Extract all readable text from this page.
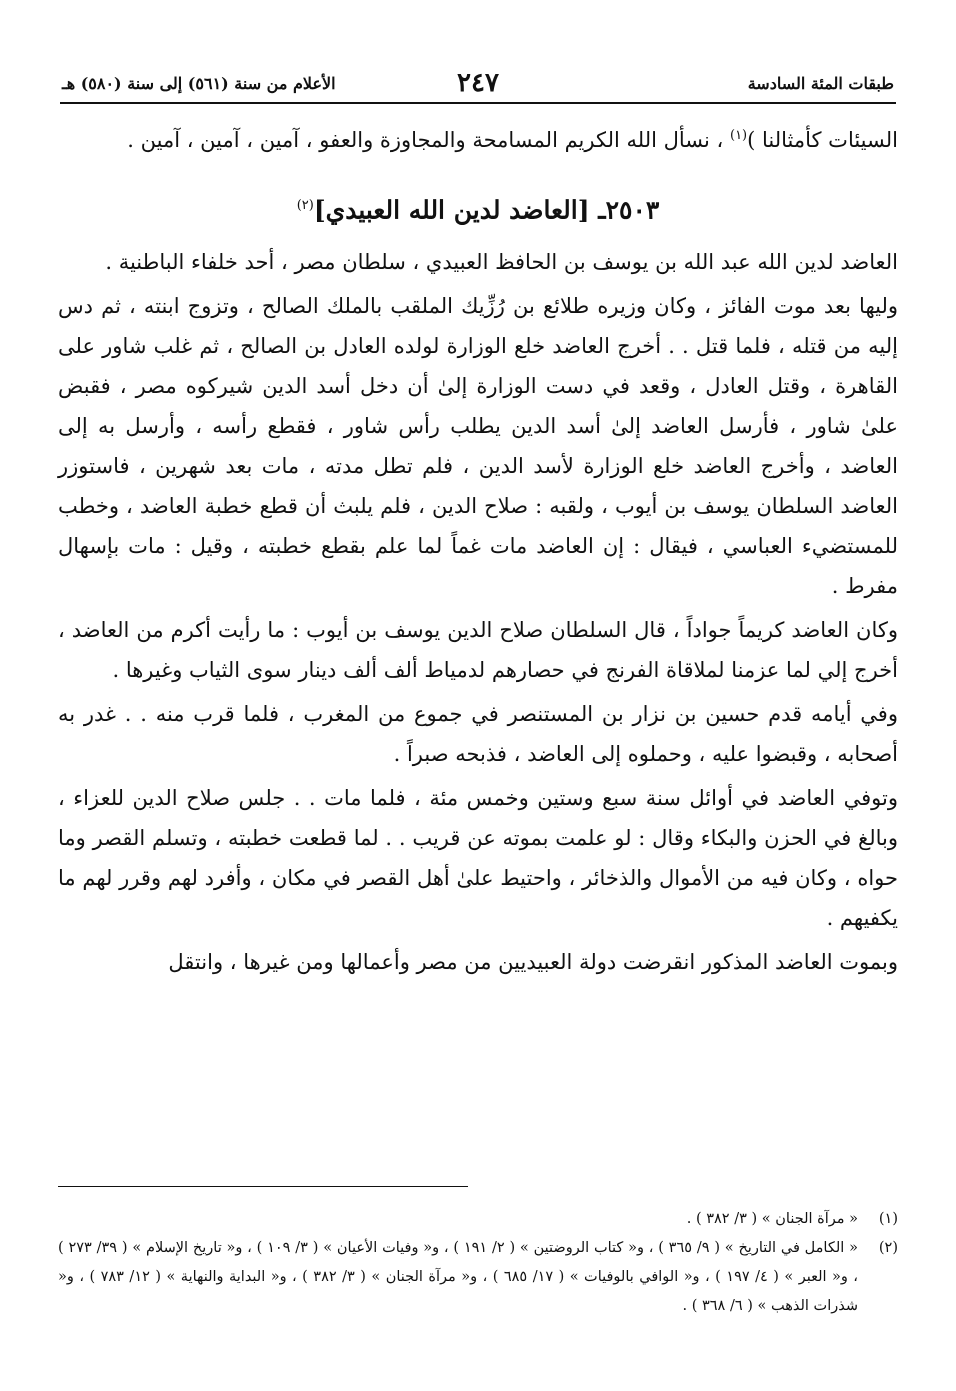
طبقات المئة السادسة
٢٤٧
الأعلام من سنة (٥٦١) إلى سنة (٥٨٠) هـ

السيئات كأمثالنا )$^{(١)}$ ، نسأل الله الكريم المسامحة والمجاوزة والعفو ، آمين ، آمين ، آمين .

٢٥٠٣ـ [العاضد لدين الله العبيدي]$^{(٢)}$

العاضد لدين الله عبد الله بن يوسف بن الحافظ العبيدي ، سلطان مصر ، أحد خلفاء الباطنية .

وليها بعد موت الفائز ، وكان وزيره طلائع بن رُزِّيك الملقب بالملك الصالح ، وتزوج ابنته ، ثم دس إليه من قتله ، فلما قتل . . أخرج العاضد خلع الوزارة لولده العادل بن الصالح ، ثم غلب شاور على القاهرة ، وقتل العادل ، وقعد في دست الوزارة إلىٰ أن دخل أسد الدين شيركوه مصر ، فقبض علىٰ شاور ، فأرسل العاضد إلىٰ أسد الدين يطلب رأس شاور ، فقطع رأسه ، وأرسل به إلى العاضد ، وأخرج العاضد خلع الوزارة لأسد الدين ، فلم تطل مدته ، مات بعد شهرين ، فاستوزر العاضد السلطان يوسف بن أيوب ، ولقبه : صلاح الدين ، فلم يلبث أن قطع خطبة العاضد ، وخطب للمستضيء العباسي ، فيقال : إن العاضد مات غماً لما علم بقطع خطبته ، وقيل : مات بإسهال مفرط .

وكان العاضد كريماً جواداً ، قال السلطان صلاح الدين يوسف بن أيوب : ما رأيت أكرم من العاضد ، أخرج إلي لما عزمنا لملاقاة الفرنج في حصارهم لدمياط ألف ألف دينار سوى الثياب وغيرها .

وفي أيامه قدم حسين بن نزار بن المستنصر في جموع من المغرب ، فلما قرب منه . . غدر به أصحابه ، وقبضوا عليه ، وحملوه إلى العاضد ، فذبحه صبراً .

وتوفي العاضد في أوائل سنة سبع وستين وخمس مئة ، فلما مات . . جلس صلاح الدين للعزاء ، وبالغ في الحزن والبكاء وقال : لو علمت بموته عن قريب . . لما قطعت خطبته ، وتسلم القصر وما حواه ، وكان فيه من الأموال والذخائر ، واحتيط علىٰ أهل القصر في مكان ، وأفرد لهم وقرر لهم ما يكفيهم .

وبموت العاضد المذكور انقرضت دولة العبيديين من مصر وأعمالها ومن غيرها ، وانتقل

(١)
« مرآة الجنان » ( ٣/ ٣٨٢ ) .
(٢)
« الكامل في التاريخ » ( ٩/ ٣٦٥ ) ، و« كتاب الروضتين » ( ٢/ ١٩١ ) ، و« وفيات الأعيان » ( ٣/ ١٠٩ ) ، و« تاريخ الإسلام » ( ٣٩/ ٢٧٣ ) ، و« العبر » ( ٤/ ١٩٧ ) ، و« الوافي بالوفيات » ( ١٧/ ٦٨٥ ) ، و« مرآة الجنان » ( ٣/ ٣٨٢ ) ، و« البداية والنهاية » ( ١٢/ ٧٨٣ ) ، و« شذرات الذهب » ( ٦/ ٣٦٨ ) .
